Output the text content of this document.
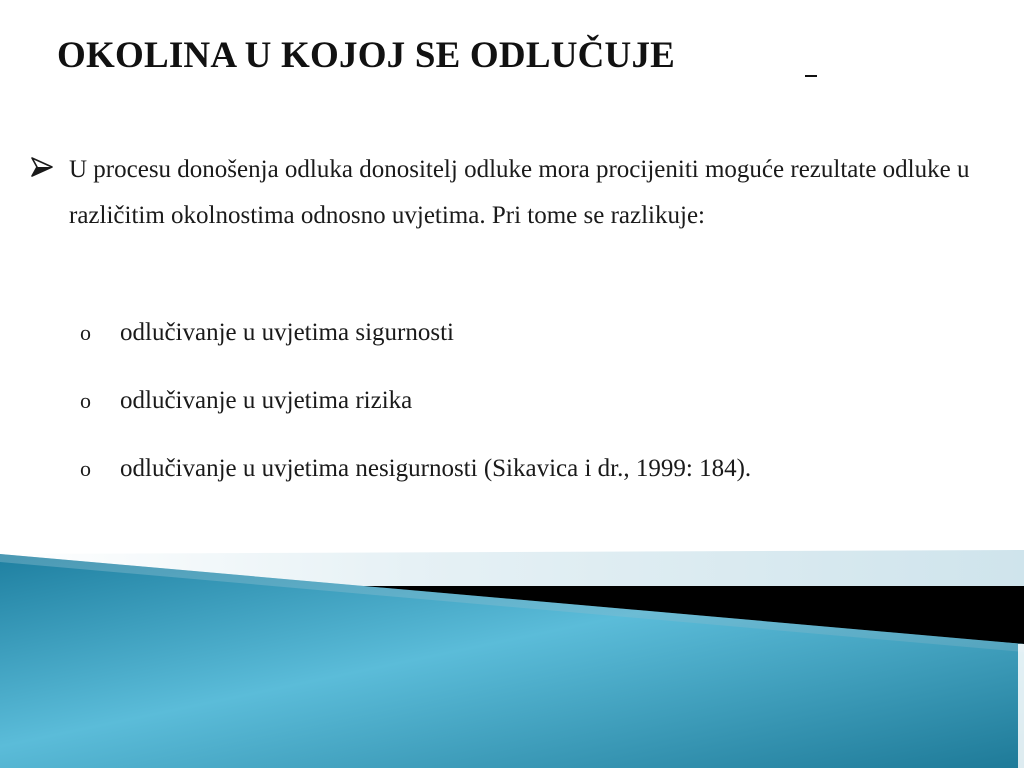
OKOLINA U KOJOJ SE ODLUČUJE

U procesu donošenja odluka donositelj odluke mora procijeniti moguće rezultate odluke u različitim okolnostima odnosno uvjetima. Pri tome se razlikuje:

o odlučivanje u uvjetima sigurnosti
o odlučivanje u uvjetima rizika
o odlučivanje u uvjetima nesigurnosti (Sikavica i dr., 1999: 184).
